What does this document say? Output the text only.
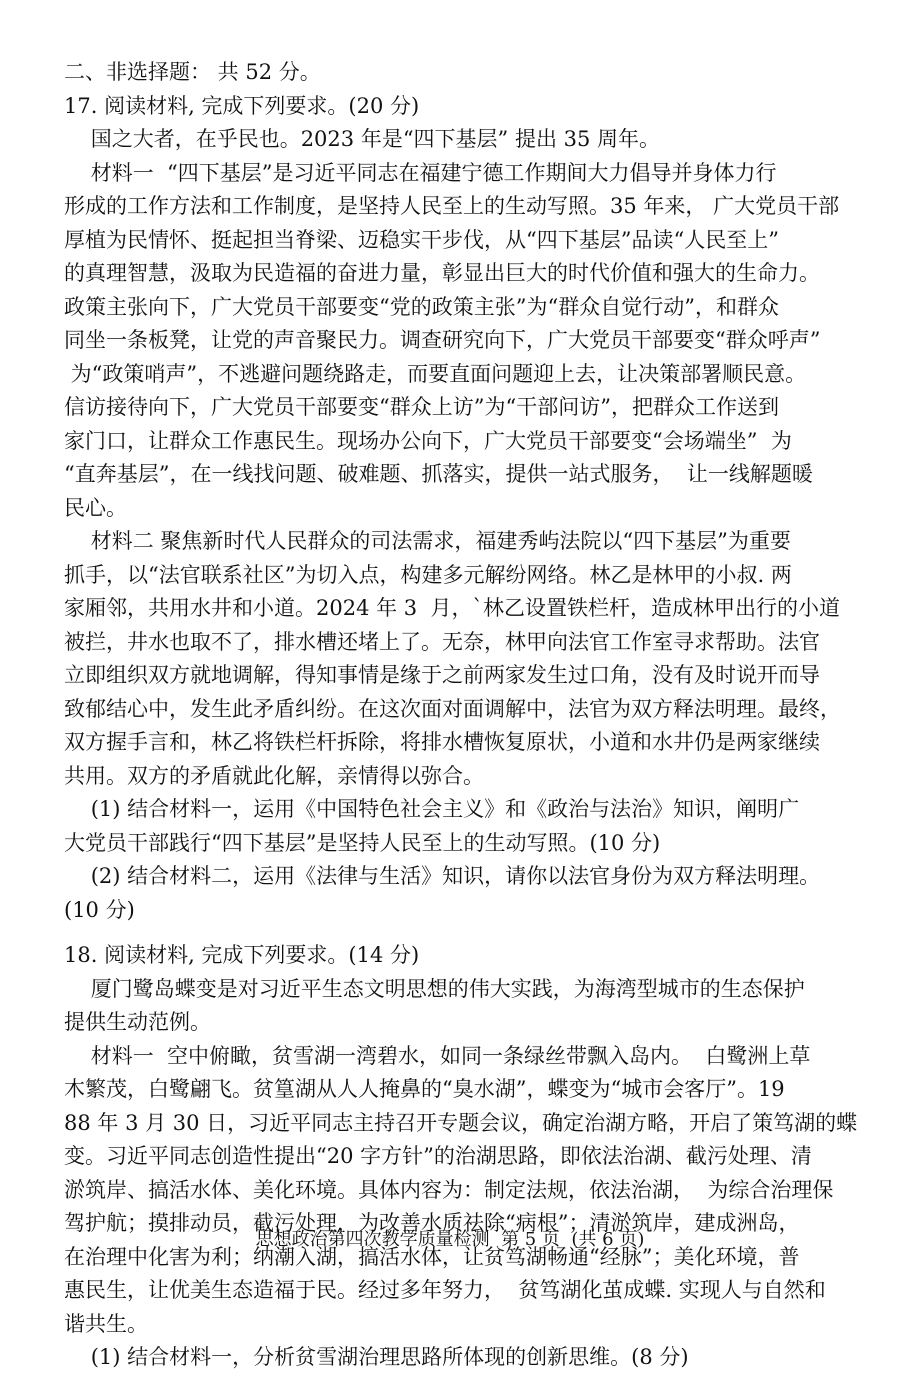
二、非选择题： 共 52 分。
17. 阅读材料, 完成下列要求。(20 分)
国之大者，在乎民也。2023 年是“四下基层” 提出 35 周年。
材料一  “四下基层”是习近平同志在福建宁德工作期间大力倡导并身体力行
形成的工作方法和工作制度，是坚持人民至上的生动写照。35 年来， 广大党员干部
厚植为民情怀、挺起担当脊梁、迈稳实干步伐，从“四下基层”品读“人民至上”
的真理智慧，汲取为民造福的奋进力量，彰显出巨大的时代价值和强大的生命力。
政策主张向下，广大党员干部要变“党的政策主张”为“群众自觉行动”，和群众
同坐一条板凳，让党的声音聚民力。调查研究向下，广大党员干部要变“群众呼声”
为“政策哨声”，不逃避问题绕路走，而要直面问题迎上去，让决策部署顺民意。
信访接待向下，广大党员干部要变“群众上访”为“干部问访”，把群众工作送到
家门口，让群众工作惠民生。现场办公向下，广大党员干部要变“会场端坐”  为
“直奔基层”，在一线找问题、破难题、抓落实，提供一站式服务，  让一线解题暖
民心。
材料二 聚焦新时代人民群众的司法需求，福建秀屿法院以“四下基层”为重要
抓手，以“法官联系社区”为切入点，构建多元解纷网络。林乙是林甲的小叔. 两
家厢邻，共用水井和小道。2024 年 3  月，`林乙设置铁栏杆，造成林甲出行的小道
被拦，井水也取不了，排水槽还堵上了。无奈，林甲向法官工作室寻求帮助。法官
立即组织双方就地调解，得知事情是缘于之前两家发生过口角，没有及时说开而导
致郁结心中，发生此矛盾纠纷。在这次面对面调解中，法官为双方释法明理。最终，
双方握手言和，林乙将铁栏杆拆除，将排水槽恢复原状，小道和水井仍是两家继续
共用。双方的矛盾就此化解，亲情得以弥合。
(1) 结合材料一，运用《中国特色社会主义》和《政治与法治》知识，阐明广
大党员干部践行“四下基层”是坚持人民至上的生动写照。(10 分)
(2) 结合材料二，运用《法律与生活》知识，请你以法官身份为双方释法明理。
(10 分)
18. 阅读材料, 完成下列要求。(14 分)
厦门鹭岛蝶变是对习近平生态文明思想的伟大实践，为海湾型城市的生态保护
提供生动范例。
材料一  空中俯瞰，贫雪湖一湾碧水，如同一条绿丝带飘入岛内。  白鹭洲上草
木繁茂，白鹭翩飞。贫篁湖从人人掩鼻的“臭水湖”，蝶变为“城市会客厅”。19
88 年 3 月 30 日，习近平同志主持召开专题会议，确定治湖方略，开启了策笃湖的蝶
变。习近平同志创造性提出“20 字方针”的治湖思路，即依法治湖、截污处理、清
淤筑岸、搞活水体、美化环境。具体内容为：制定法规，依法治湖，  为综合治理保
驾护航；摸排动员，截污处理，为改善水质祛除“病根”；清淤筑岸，建成洲岛，
在治理中化害为利；纳潮入湖，搞活水体，让贫笃湖畅通“经脉”；美化环境，普
惠民生，让优美生态造福于民。经过多年努力，  贫笃湖化茧成蝶. 实现人与自然和
谐共生。
(1) 结合材料一，分析贫雪湖治理思路所体现的创新思维。(8 分)
思想政治第四次教学质量检测  第 5 页  (共 6 页)
